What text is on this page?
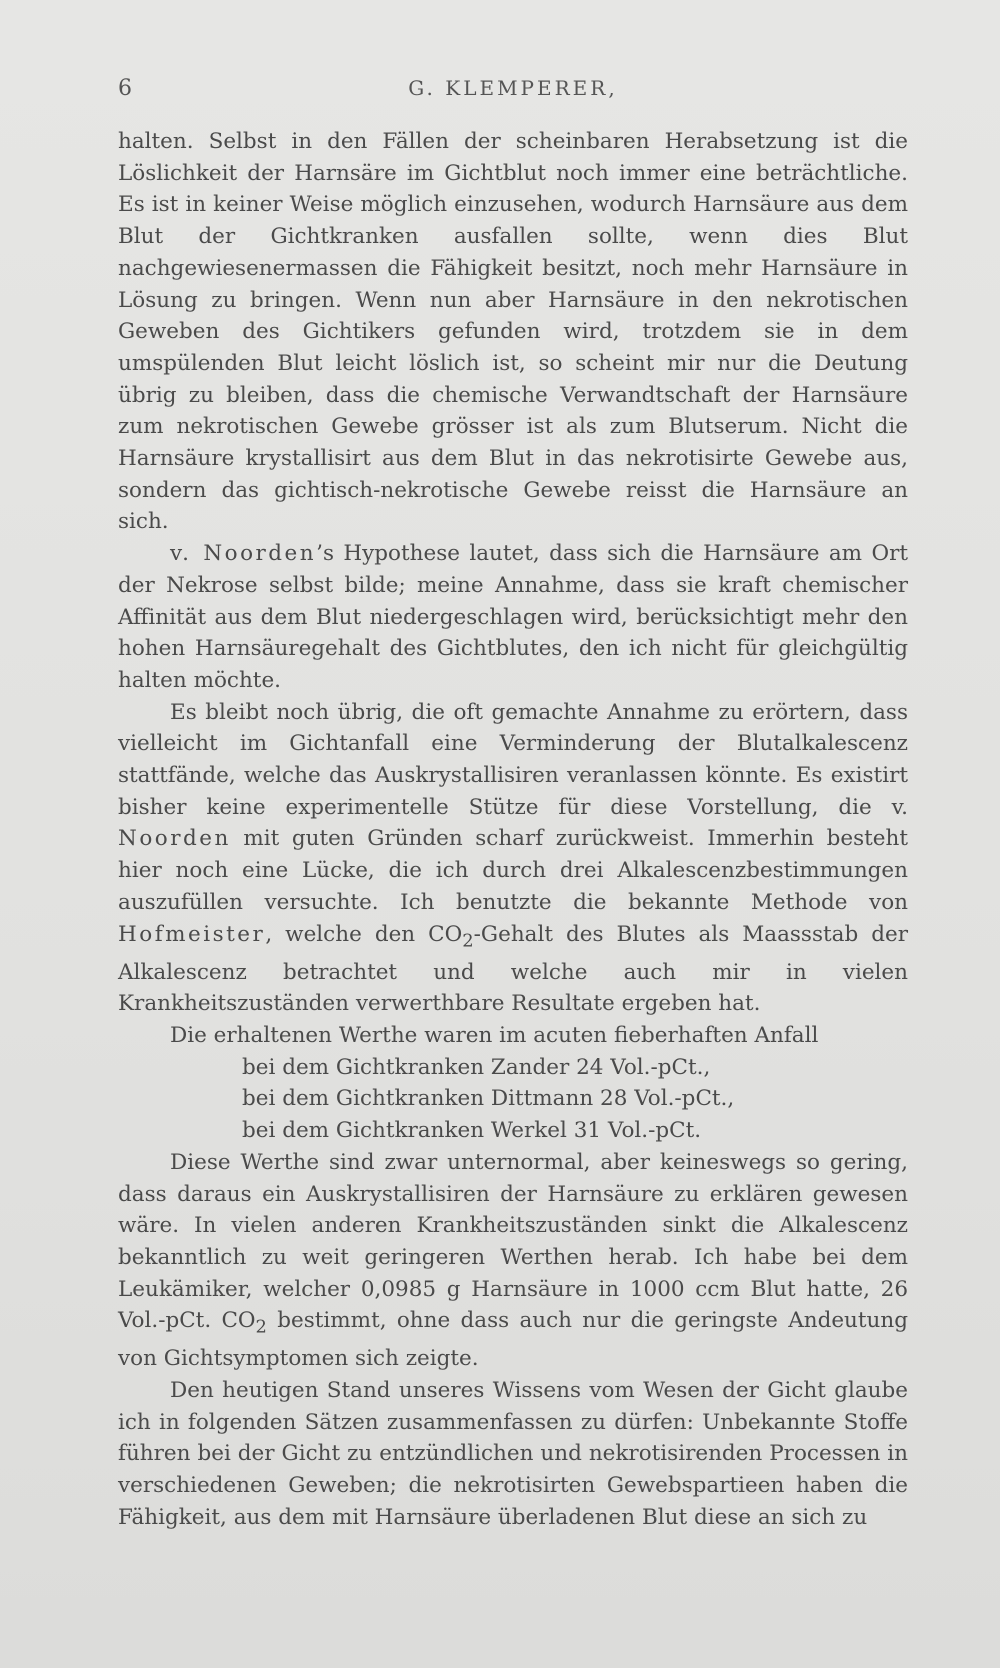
6	G. KLEMPERER,

halten. Selbst in den Fällen der scheinbaren Herabsetzung ist die Löslichkeit der Harnsäre im Gichtblut noch immer eine beträchtliche. Es ist in keiner Weise möglich einzusehen, wodurch Harnsäure aus dem Blut der Gichtkranken ausfallen sollte, wenn dies Blut nachgewiesenermassen die Fähigkeit besitzt, noch mehr Harnsäure in Lösung zu bringen. Wenn nun aber Harnsäure in den nekrotischen Geweben des Gichtikers gefunden wird, trotzdem sie in dem umspülenden Blut leicht löslich ist, so scheint mir nur die Deutung übrig zu bleiben, dass die chemische Verwandtschaft der Harnsäure zum nekrotischen Gewebe grösser ist als zum Blutserum. Nicht die Harnsäure krystallisirt aus dem Blut in das nekrotisirte Gewebe aus, sondern das gichtisch-nekrotische Gewebe reisst die Harnsäure an sich.

v. Noorden’s Hypothese lautet, dass sich die Harnsäure am Ort der Nekrose selbst bilde; meine Annahme, dass sie kraft chemischer Affinität aus dem Blut niedergeschlagen wird, berücksichtigt mehr den hohen Harnsäuregehalt des Gichtblutes, den ich nicht für gleichgültig halten möchte.

Es bleibt noch übrig, die oft gemachte Annahme zu erörtern, dass vielleicht im Gichtanfall eine Verminderung der Blutalkalescenz stattfände, welche das Auskrystallisiren veranlassen könnte. Es existirt bisher keine experimentelle Stütze für diese Vorstellung, die v. Noorden mit guten Gründen scharf zurückweist. Immerhin besteht hier noch eine Lücke, die ich durch drei Alkalescenzbestimmungen auszufüllen versuchte. Ich benutzte die bekannte Methode von Hofmeister, welche den $CO_2$-Gehalt des Blutes als Maassstab der Alkalescenz betrachtet und welche auch mir in vielen Krankheitszuständen verwerthbare Resultate ergeben hat.

Die erhaltenen Werthe waren im acuten fieberhaften Anfall

bei dem Gichtkranken Zander 24 Vol.-pCt.,

bei dem Gichtkranken Dittmann 28 Vol.-pCt.,

bei dem Gichtkranken Werkel 31 Vol.-pCt.

Diese Werthe sind zwar unternormal, aber keineswegs so gering, dass daraus ein Auskrystallisiren der Harnsäure zu erklären gewesen wäre. In vielen anderen Krankheitszuständen sinkt die Alkalescenz bekanntlich zu weit geringeren Werthen herab. Ich habe bei dem Leukämiker, welcher 0,0985 g Harnsäure in 1000 ccm Blut hatte, 26 Vol.-pCt. $CO_2$ bestimmt, ohne dass auch nur die geringste Andeutung von Gichtsymptomen sich zeigte.

Den heutigen Stand unseres Wissens vom Wesen der Gicht glaube ich in folgenden Sätzen zusammenfassen zu dürfen: Unbekannte Stoffe führen bei der Gicht zu entzündlichen und nekrotisirenden Processen in verschiedenen Geweben; die nekrotisirten Gewebspartieen haben die Fähigkeit, aus dem mit Harnsäure überladenen Blut diese an sich zu
